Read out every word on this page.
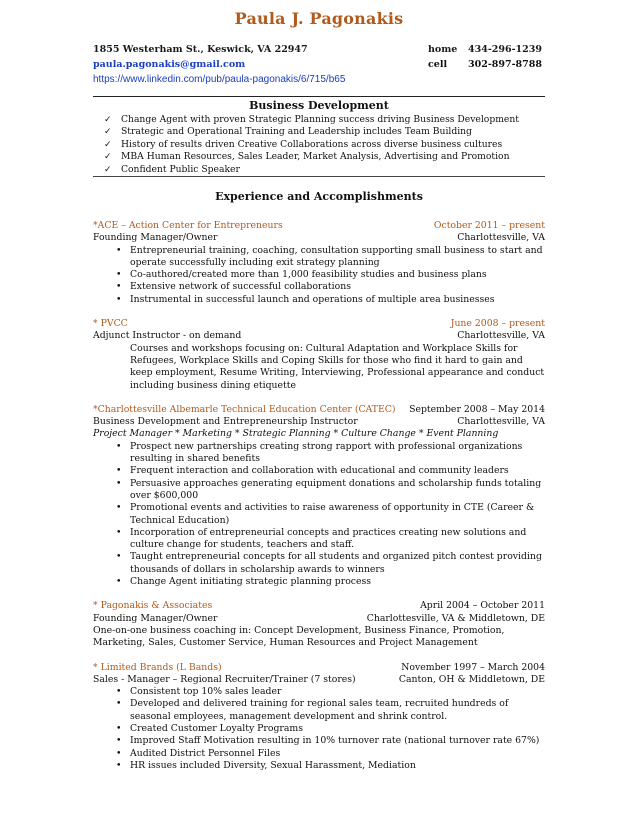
Paula J. Pagonakis
1855 Westerham St., Keswick, VA 22947	home 434-296-1239
paula.pagonakis@gmail.com	cell 302-897-8788
https://www.linkedin.com/pub/paula-pagonakis/6/715/b65
Business Development
✓	Change Agent with proven Strategic Planning success driving Business Development
✓	Strategic and Operational Training and Leadership includes Team Building
✓	History of results driven Creative Collaborations across diverse business cultures
✓	MBA Human Resources, Sales Leader, Market Analysis, Advertising and Promotion
✓	Confident Public Speaker
Experience and Accomplishments
*ACE – Action Center for Entrepreneurs	October 2011 – present
Founding Manager/Owner	Charlottesville, VA
• Entrepreneurial training, coaching, consultation supporting small business to start and operate successfully including exit strategy planning
• Co-authored/created more than 1,000 feasibility studies and business plans
• Extensive network of successful collaborations
• Instrumental in successful launch and operations of multiple area businesses
* PVCC	June 2008 – present
Adjunct Instructor - on demand	Charlottesville, VA
Courses and workshops focusing on: Cultural Adaptation and Workplace Skills for Refugees, Workplace Skills and Coping Skills for those who find it hard to gain and keep employment, Resume Writing, Interviewing, Professional appearance and conduct including business dining etiquette
*Charlottesville Albemarle Technical Education Center (CATEC) September 2008 – May 2014
Business Development and Entrepreneurship Instructor	Charlottesville, VA
Project Manager * Marketing * Strategic Planning * Culture Change * Event Planning
• Prospect new partnerships creating strong rapport with professional organizations resulting in shared benefits
• Frequent interaction and collaboration with educational and community leaders
• Persuasive approaches generating equipment donations and scholarship funds totaling over $600,000
• Promotional events and activities to raise awareness of opportunity in CTE (Career & Technical Education)
• Incorporation of entrepreneurial concepts and practices creating new solutions and culture change for students, teachers and staff.
• Taught entrepreneurial concepts for all students and organized pitch contest providing thousands of dollars in scholarship awards to winners
• Change Agent initiating strategic planning process
* Pagonakis & Associates	April 2004 – October 2011
Founding Manager/Owner	Charlottesville, VA & Middletown, DE
One-on-one business coaching in: Concept Development, Business Finance, Promotion, Marketing, Sales, Customer Service, Human Resources and Project Management
* Limited Brands (L Bands)	November 1997 – March 2004
Sales - Manager – Regional Recruiter/Trainer (7 stores)	Canton, OH & Middletown, DE
• Consistent top 10% sales leader
• Developed and delivered training for regional sales team, recruited hundreds of seasonal employees, management development and shrink control.
• Created Customer Loyalty Programs
• Improved Staff Motivation resulting in 10% turnover rate (national turnover rate 67%)
• Audited District Personnel Files
• HR issues included Diversity, Sexual Harassment, Mediation
